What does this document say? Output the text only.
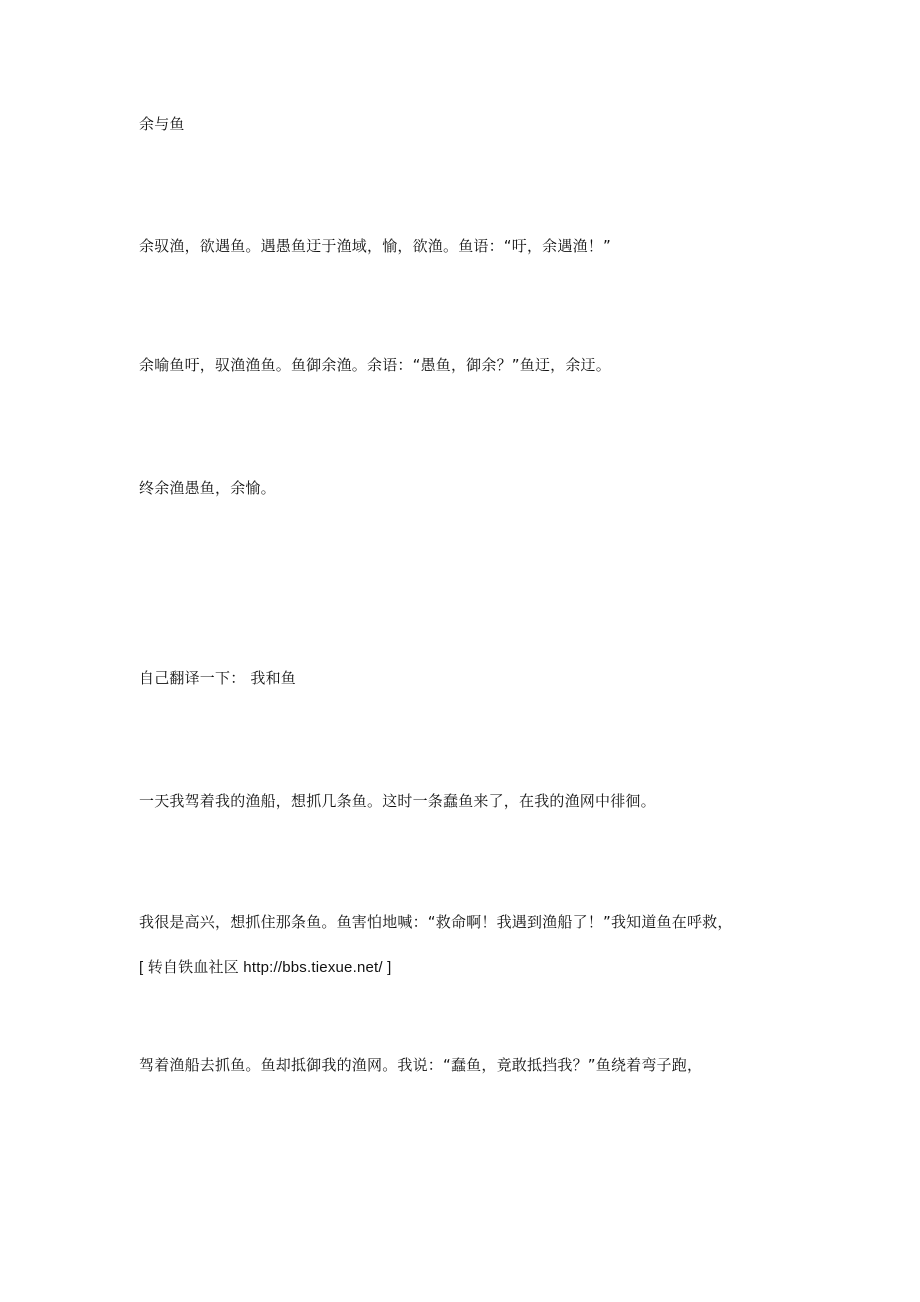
余与鱼
余驭渔，欲遇鱼。遇愚鱼迂于渔域，愉，欲渔。鱼语：“吁，余遇渔！”
余喻鱼吁，驭渔渔鱼。鱼御余渔。余语：“愚鱼，御余？”鱼迂，余迂。
终余渔愚鱼，余愉。
自己翻译一下： 我和鱼
一天我驾着我的渔船，想抓几条鱼。这时一条蠢鱼来了，在我的渔网中徘徊。
我很是高兴，想抓住那条鱼。鱼害怕地喊：“救命啊！我遇到渔船了！”我知道鱼在呼救，
[ 转自铁血社区 http://bbs.tiexue.net/ ]
驾着渔船去抓鱼。鱼却抵御我的渔网。我说：“蠢鱼，竟敢抵挡我？”鱼绕着弯子跑，
